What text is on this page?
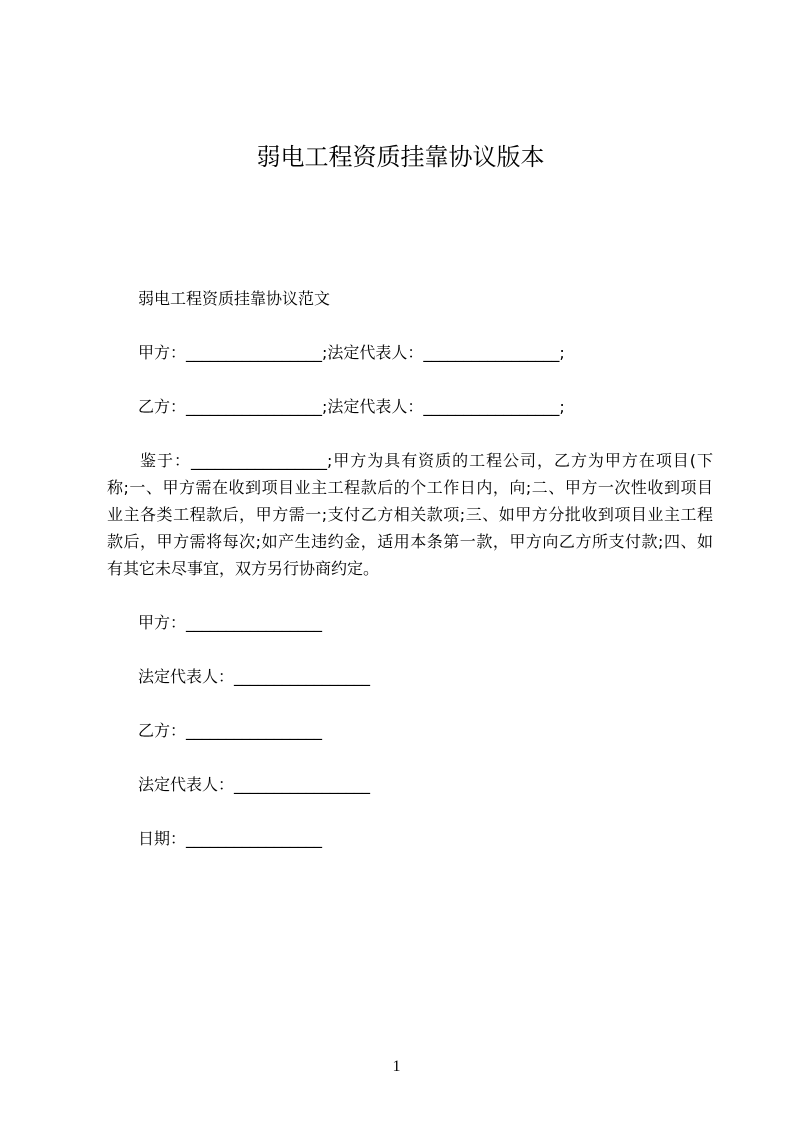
弱电工程资质挂靠协议版本
弱电工程资质挂靠协议范文
甲方：_________________;法定代表人：_________________;
乙方：_________________;法定代表人：_________________;
鉴于：_________________;甲方为具有资质的工程公司，乙方为甲方在项目(下
称;一、甲方需在收到项目业主工程款后的个工作日内，向;二、甲方一次性收到项目
业主各类工程款后，甲方需一;支付乙方相关款项;三、如甲方分批收到项目业主工程
款后，甲方需将每次;如产生违约金，适用本条第一款，甲方向乙方所支付款;四、如
有其它未尽事宜，双方另行协商约定。
甲方：_________________
法定代表人：_________________
乙方：_________________
法定代表人：_________________
日期：_________________
1
